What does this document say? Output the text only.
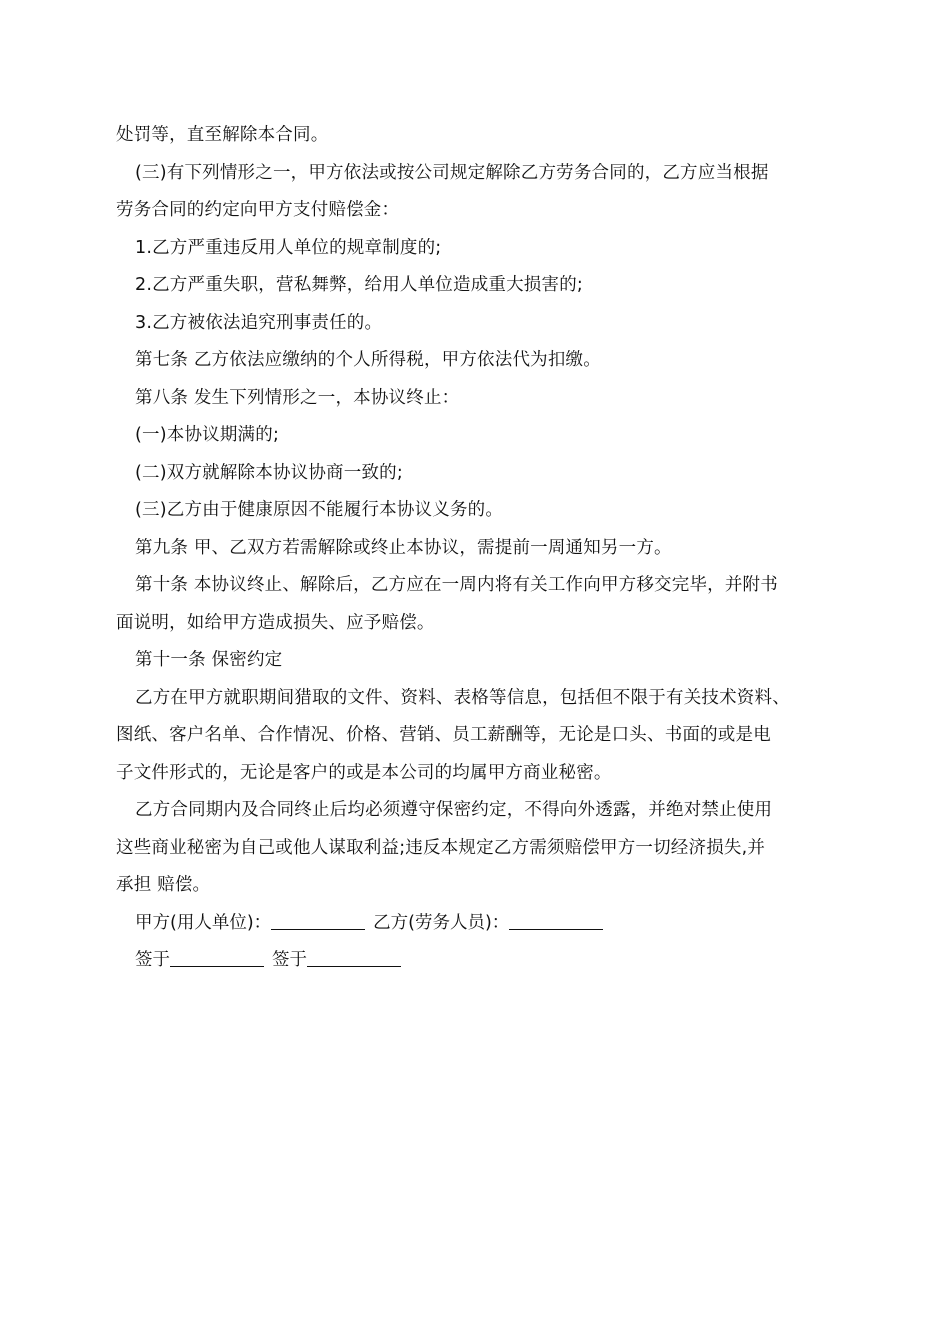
处罚等，直至解除本合同。
(三)有下列情形之一，甲方依法或按公司规定解除乙方劳务合同的，乙方应当根据
劳务合同的约定向甲方支付赔偿金：
1.乙方严重违反用人单位的规章制度的;
2.乙方严重失职，营私舞弊，给用人单位造成重大损害的;
3.乙方被依法追究刑事责任的。
第七条 乙方依法应缴纳的个人所得税，甲方依法代为扣缴。
第八条 发生下列情形之一，本协议终止：
(一)本协议期满的;
(二)双方就解除本协议协商一致的;
(三)乙方由于健康原因不能履行本协议义务的。
第九条 甲、乙双方若需解除或终止本协议，需提前一周通知另一方。
第十条 本协议终止、解除后，乙方应在一周内将有关工作向甲方移交完毕，并附书
面说明，如给甲方造成损失、应予赔偿。
第十一条 保密约定
乙方在甲方就职期间猎取的文件、资料、表格等信息，包括但不限于有关技术资料、
图纸、客户名单、合作情况、价格、营销、员工薪酬等，无论是口头、书面的或是电
子文件形式的，无论是客户的或是本公司的均属甲方商业秘密。
乙方合同期内及合同终止后均必须遵守保密约定，不得向外透露，并绝对禁止使用
这些商业秘密为自己或他人谋取利益;违反本规定乙方需须赔偿甲方一切经济损失,并
承担 赔偿。
甲方(用人单位)：	乙方(劳务人员)：
签于	签于
